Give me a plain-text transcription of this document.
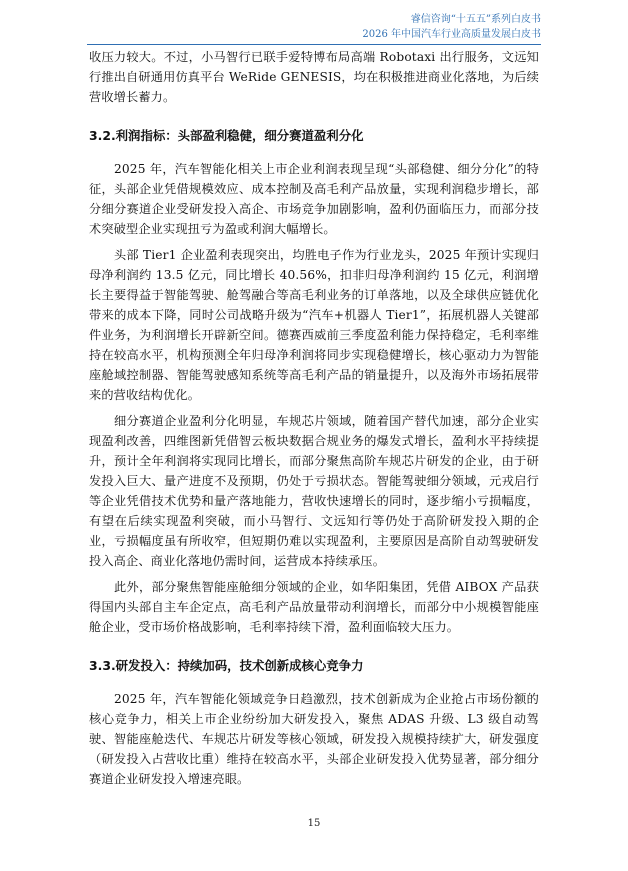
睿信咨询“十五五”系列白皮书
2026 年中国汽车行业高质量发展白皮书

收压力较大。不过，小马智行已联手爱特博布局高端 Robotaxi 出行服务，文远知行推出自研通用仿真平台 WeRide GENESIS，均在积极推进商业化落地，为后续营收增长蓄力。

3.2.利润指标：头部盈利稳健，细分赛道盈利分化

2025 年，汽车智能化相关上市企业利润表现呈现“头部稳健、细分分化”的特征，头部企业凭借规模效应、成本控制及高毛利产品放量，实现利润稳步增长，部分细分赛道企业受研发投入高企、市场竞争加剧影响，盈利仍面临压力，而部分技术突破型企业实现扭亏为盈或利润大幅增长。

头部 Tier1 企业盈利表现突出，均胜电子作为行业龙头，2025 年预计实现归母净利润约 13.5 亿元，同比增长 40.56%，扣非归母净利润约 15 亿元，利润增长主要得益于智能驾驶、舱驾融合等高毛利业务的订单落地，以及全球供应链优化带来的成本下降，同时公司战略升级为“汽车+机器人 Tier1”，拓展机器人关键部件业务，为利润增长开辟新空间。德赛西威前三季度盈利能力保持稳定，毛利率维持在较高水平，机构预测全年归母净利润将同步实现稳健增长，核心驱动力为智能座舱域控制器、智能驾驶感知系统等高毛利产品的销量提升，以及海外市场拓展带来的营收结构优化。

细分赛道企业盈利分化明显，车规芯片领域，随着国产替代加速，部分企业实现盈利改善，四维图新凭借智云板块数据合规业务的爆发式增长，盈利水平持续提升，预计全年利润将实现同比增长，而部分聚焦高阶车规芯片研发的企业，由于研发投入巨大、量产进度不及预期，仍处于亏损状态。智能驾驶细分领域，元戎启行等企业凭借技术优势和量产落地能力，营收快速增长的同时，逐步缩小亏损幅度，有望在后续实现盈利突破，而小马智行、文远知行等仍处于高阶研发投入期的企业，亏损幅度虽有所收窄，但短期仍难以实现盈利，主要原因是高阶自动驾驶研发投入高企、商业化落地仍需时间，运营成本持续承压。

此外，部分聚焦智能座舱细分领域的企业，如华阳集团，凭借 AIBOX 产品获得国内头部自主车企定点，高毛利产品放量带动利润增长，而部分中小规模智能座舱企业，受市场价格战影响，毛利率持续下滑，盈利面临较大压力。

3.3.研发投入：持续加码，技术创新成核心竞争力

2025 年，汽车智能化领域竞争日趋激烈，技术创新成为企业抢占市场份额的核心竞争力，相关上市企业纷纷加大研发投入，聚焦 ADAS 升级、L3 级自动驾驶、智能座舱迭代、车规芯片研发等核心领域，研发投入规模持续扩大，研发强度（研发投入占营收比重）维持在较高水平，头部企业研发投入优势显著，部分细分赛道企业研发投入增速亮眼。

15
